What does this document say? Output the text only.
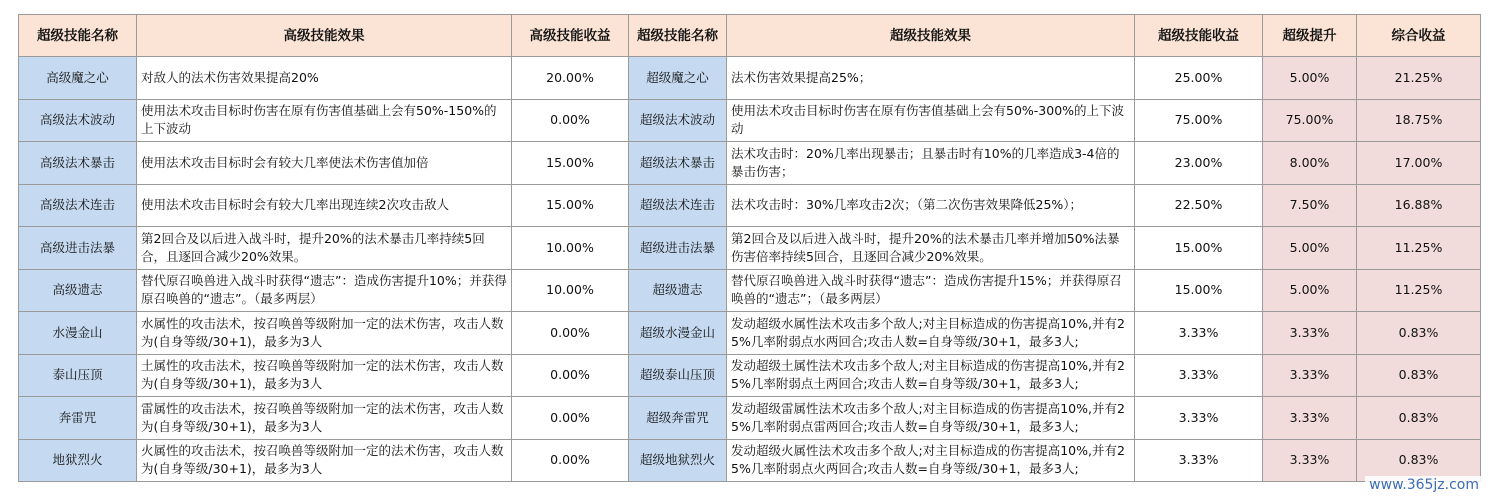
超级技能名称	高级技能效果	高级技能收益	超级技能名称	超级技能效果	超级技能收益	超级提升	综合收益
高级魔之心	对敌人的法术伤害效果提高20%	20.00%	超级魔之心	法术伤害效果提高25%；	25.00%	5.00%	21.25%
高级法术波动	使用法术攻击目标时伤害在原有伤害值基础上会有50%-150%的上下波动	0.00%	超级法术波动	使用法术攻击目标时伤害在原有伤害值基础上会有50%-300%的上下波动	75.00%	75.00%	18.75%
高级法术暴击	使用法术攻击目标时会有较大几率使法术伤害值加倍	15.00%	超级法术暴击	法术攻击时：20%几率出现暴击；且暴击时有10%的几率造成3-4倍的暴击伤害；	23.00%	8.00%	17.00%
高级法术连击	使用法术攻击目标时会有较大几率出现连续2次攻击敌人	15.00%	超级法术连击	法术攻击时：30%几率攻击2次；（第二次伤害效果降低25%）；	22.50%	7.50%	16.88%
高级进击法暴	第2回合及以后进入战斗时，提升20%的法术暴击几率持续5回合，且逐回合减少20%效果。	10.00%	超级进击法暴	第2回合及以后进入战斗时，提升20%的法术暴击几率并增加50%法暴伤害倍率持续5回合，且逐回合减少20%效果。	15.00%	5.00%	11.25%
高级遗志	替代原召唤兽进入战斗时获得“遗志”：造成伤害提升10%；并获得原召唤兽的“遗志”。（最多两层）	10.00%	超级遗志	替代原召唤兽进入战斗时获得“遗志”：造成伤害提升15%；并获得原召唤兽的“遗志”；（最多两层）	15.00%	5.00%	11.25%
水漫金山	水属性的攻击法术，按召唤兽等级附加一定的法术伤害，攻击人数为(自身等级/30+1)，最多为3人	0.00%	超级水漫金山	发动超级水属性法术攻击多个敌人;对主目标造成的伤害提高10%,并有25%几率附弱点水两回合;攻击人数=自身等级/30+1，最多3人;	3.33%	3.33%	0.83%
泰山压顶	土属性的攻击法术，按召唤兽等级附加一定的法术伤害，攻击人数为(自身等级/30+1)，最多为3人	0.00%	超级泰山压顶	发动超级土属性法术攻击多个敌人;对主目标造成的伤害提高10%,并有25%几率附弱点土两回合;攻击人数=自身等级/30+1，最多3人;	3.33%	3.33%	0.83%
奔雷咒	雷属性的攻击法术，按召唤兽等级附加一定的法术伤害，攻击人数为(自身等级/30+1)，最多为3人	0.00%	超级奔雷咒	发动超级雷属性法术攻击多个敌人;对主目标造成的伤害提高10%,并有25%几率附弱点雷两回合;攻击人数=自身等级/30+1，最多3人;	3.33%	3.33%	0.83%
地狱烈火	火属性的攻击法术，按召唤兽等级附加一定的法术伤害，攻击人数为(自身等级/30+1)，最多为3人	0.00%	超级地狱烈火	发动超级火属性法术攻击多个敌人;对主目标造成的伤害提高10%,并有25%几率附弱点火两回合;攻击人数=自身等级/30+1，最多3人;	3.33%	3.33%	0.83%
www.365jz.com
